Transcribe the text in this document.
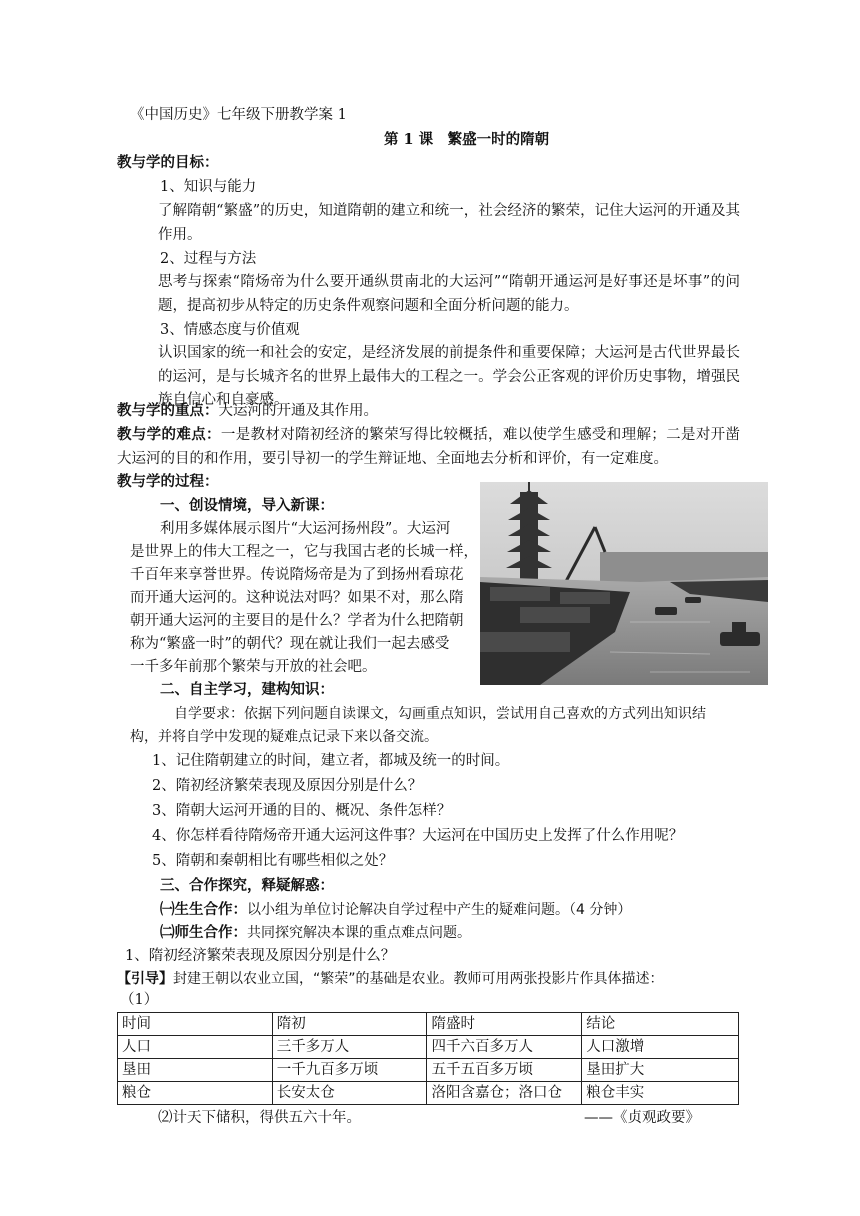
《中国历史》七年级下册教学案 1
第 1 课　繁盛一时的隋朝
教与学的目标：
1、知识与能力
了解隋朝“繁盛”的历史，知道隋朝的建立和统一，社会经济的繁荣，记住大运河的开通及其作用。
2、过程与方法
思考与探索“隋炀帝为什么要开通纵贯南北的大运河”“隋朝开通运河是好事还是坏事”的问题，提高初步从特定的历史条件观察问题和全面分析问题的能力。
3、情感态度与价值观
认识国家的统一和社会的安定，是经济发展的前提条件和重要保障；大运河是古代世界最长的运河，是与长城齐名的世界上最伟大的工程之一。学会公正客观的评价历史事物，增强民族自信心和自豪感。
教与学的重点：大运河的开通及其作用。
教与学的难点：一是教材对隋初经济的繁荣写得比较概括，难以使学生感受和理解；二是对开凿大运河的目的和作用，要引导初一的学生辩证地、全面地去分析和评价，有一定难度。
教与学的过程：
一、创设情境，导入新课：
利用多媒体展示图片“大运河扬州段”。大运河
是世界上的伟大工程之一，它与我国古老的长城一样，
千百年来享誉世界。传说隋炀帝是为了到扬州看琼花
而开通大运河的。这种说法对吗？如果不对，那么隋
朝开通大运河的主要目的是什么？学者为什么把隋朝
称为“繁盛一时”的朝代？现在就让我们一起去感受
一千多年前那个繁荣与开放的社会吧。
二、自主学习，建构知识：
自学要求：依据下列问题自读课文，勾画重点知识，尝试用自己喜欢的方式列出知识结
构，并将自学中发现的疑难点记录下来以备交流。
1、记住隋朝建立的时间，建立者，都城及统一的时间。
2、隋初经济繁荣表现及原因分别是什么？
3、隋朝大运河开通的目的、概况、条件怎样？
4、你怎样看待隋炀帝开通大运河这件事？大运河在中国历史上发挥了什么作用呢？
5、隋朝和秦朝相比有哪些相似之处？
三、合作探究，释疑解惑：
㈠生生合作：以小组为单位讨论解决自学过程中产生的疑难问题。（4 分钟）
㈡师生合作：共同探究解决本课的重点难点问题。
1、隋初经济繁荣表现及原因分别是什么？
【引导】封建王朝以农业立国，“繁荣”的基础是农业。教师可用两张投影片作具体描述：
（1）
时间	隋初	隋盛时	结论
人口	三千多万人	四千六百多万人	人口激增
垦田	一千九百多万顷	五千五百多万顷	垦田扩大
粮仓	长安太仓	洛阳含嘉仓；洛口仓	粮仓丰实
⑵计天下储积，得供五六十年。	——《贞观政要》
